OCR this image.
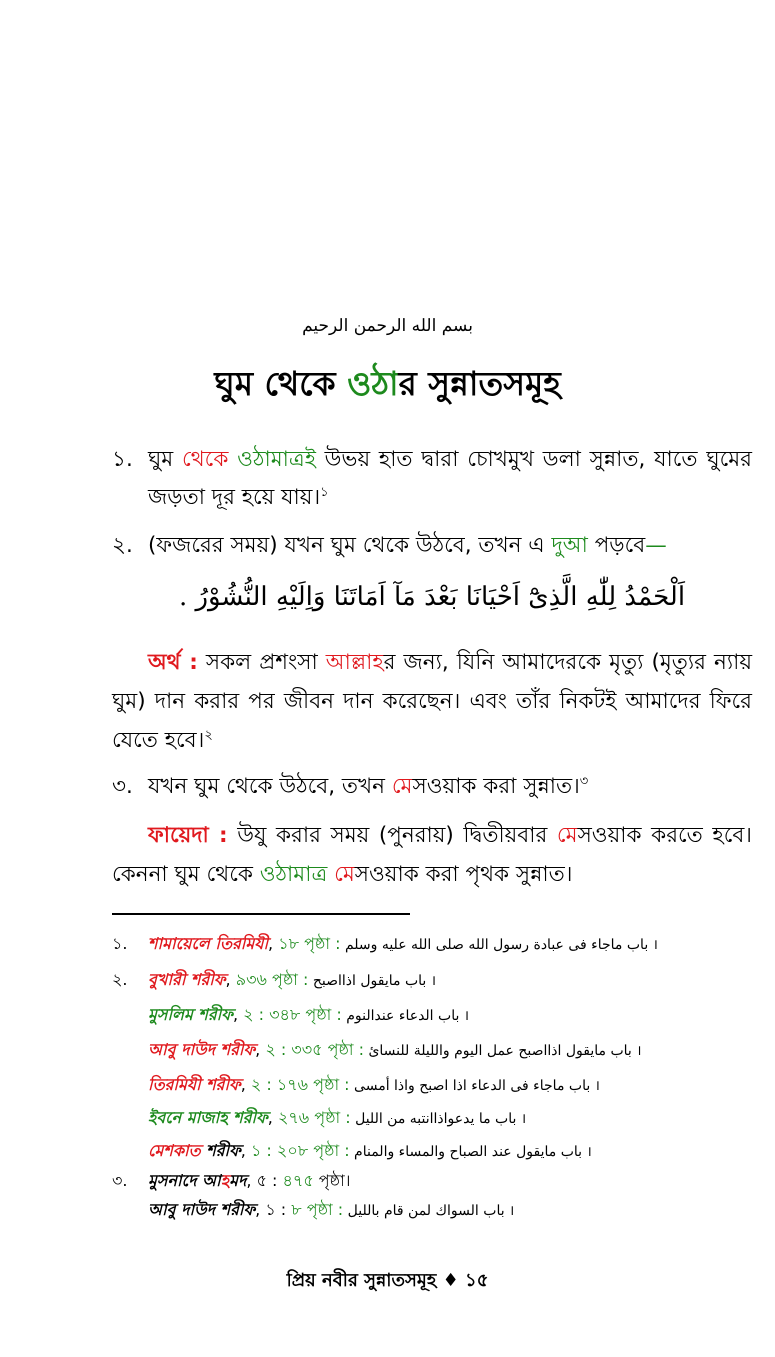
بسم الله الرحمن الرحيم
ঘুম থেকে ওঠার সুন্নাতসমূহ
১. ঘুম থেকে ওঠামাত্রই উভয় হাত দ্বারা চোখমুখ ডলা সুন্নাত, যাতে ঘুমের জড়তা দূর হয়ে যায়।$^১$
২. (ফজরের সময়) যখন ঘুম থেকে উঠবে, তখন এ দুআ পড়বে—
اَلْحَمْدُ لِلّٰهِ الَّذِىْٓ اَحْيَانَا بَعْدَ مَآ اَمَاتَنَا وَاِلَيْهِ النُّشُوْرُ .
অর্থ : সকল প্রশংসা আল্লাহর জন্য, যিনি আমাদেরকে মৃত্যু (মৃত্যুর ন্যায় ঘুম) দান করার পর জীবন দান করেছেন। এবং তাঁর নিকটই আমাদের ফিরে যেতে হবে।$^২$
৩. যখন ঘুম থেকে উঠবে, তখন মেসওয়াক করা সুন্নাত।$^৩$
ফায়েদা : উযু করার সময় (পুনরায়) দ্বিতীয়বার মেসওয়াক করতে হবে। কেননা ঘুম থেকে ওঠামাত্র মেসওয়াক করা পৃথক সুন্নাত।
১. শামায়েলে তিরমিযী, ১৮ পৃষ্ঠা : باب ماجاء فى عبادة رسول الله صلى الله عليه وسلم ।
২. বুখারী শরীফ, ৯৩৬ পৃষ্ঠা : باب مايقول اذااصبح ।
মুসলিম শরীফ, ২ : ৩৪৮ পৃষ্ঠা : باب الدعاء عندالنوم ।
আবু দাউদ শরীফ, ২ : ৩৩৫ পৃষ্ঠা : باب مايقول اذااصبح عمل اليوم والليلة للنسائ ।
তিরমিযী শরীফ, ২ : ১৭৬ পৃষ্ঠা : باب ماجاء فى الدعاء اذا اصبح واذا أمسى ।
ইবনে মাজাহ শরীফ, ২৭৬ পৃষ্ঠা : باب ما يدعواذاانتبه من الليل ।
মেশকাত শরীফ, ১ : ২০৮ পৃষ্ঠা : باب مايقول عند الصباح والمساء والمنام ।
৩. মুসনাদে আহমদ, ৫ : ৪৭৫ পৃষ্ঠা।
আবু দাউদ শরীফ, ১ : ৮ পৃষ্ঠা : باب السواك لمن قام بالليل ।
প্রিয় নবীর সুন্নাতসমূহ ♦ ১৫
